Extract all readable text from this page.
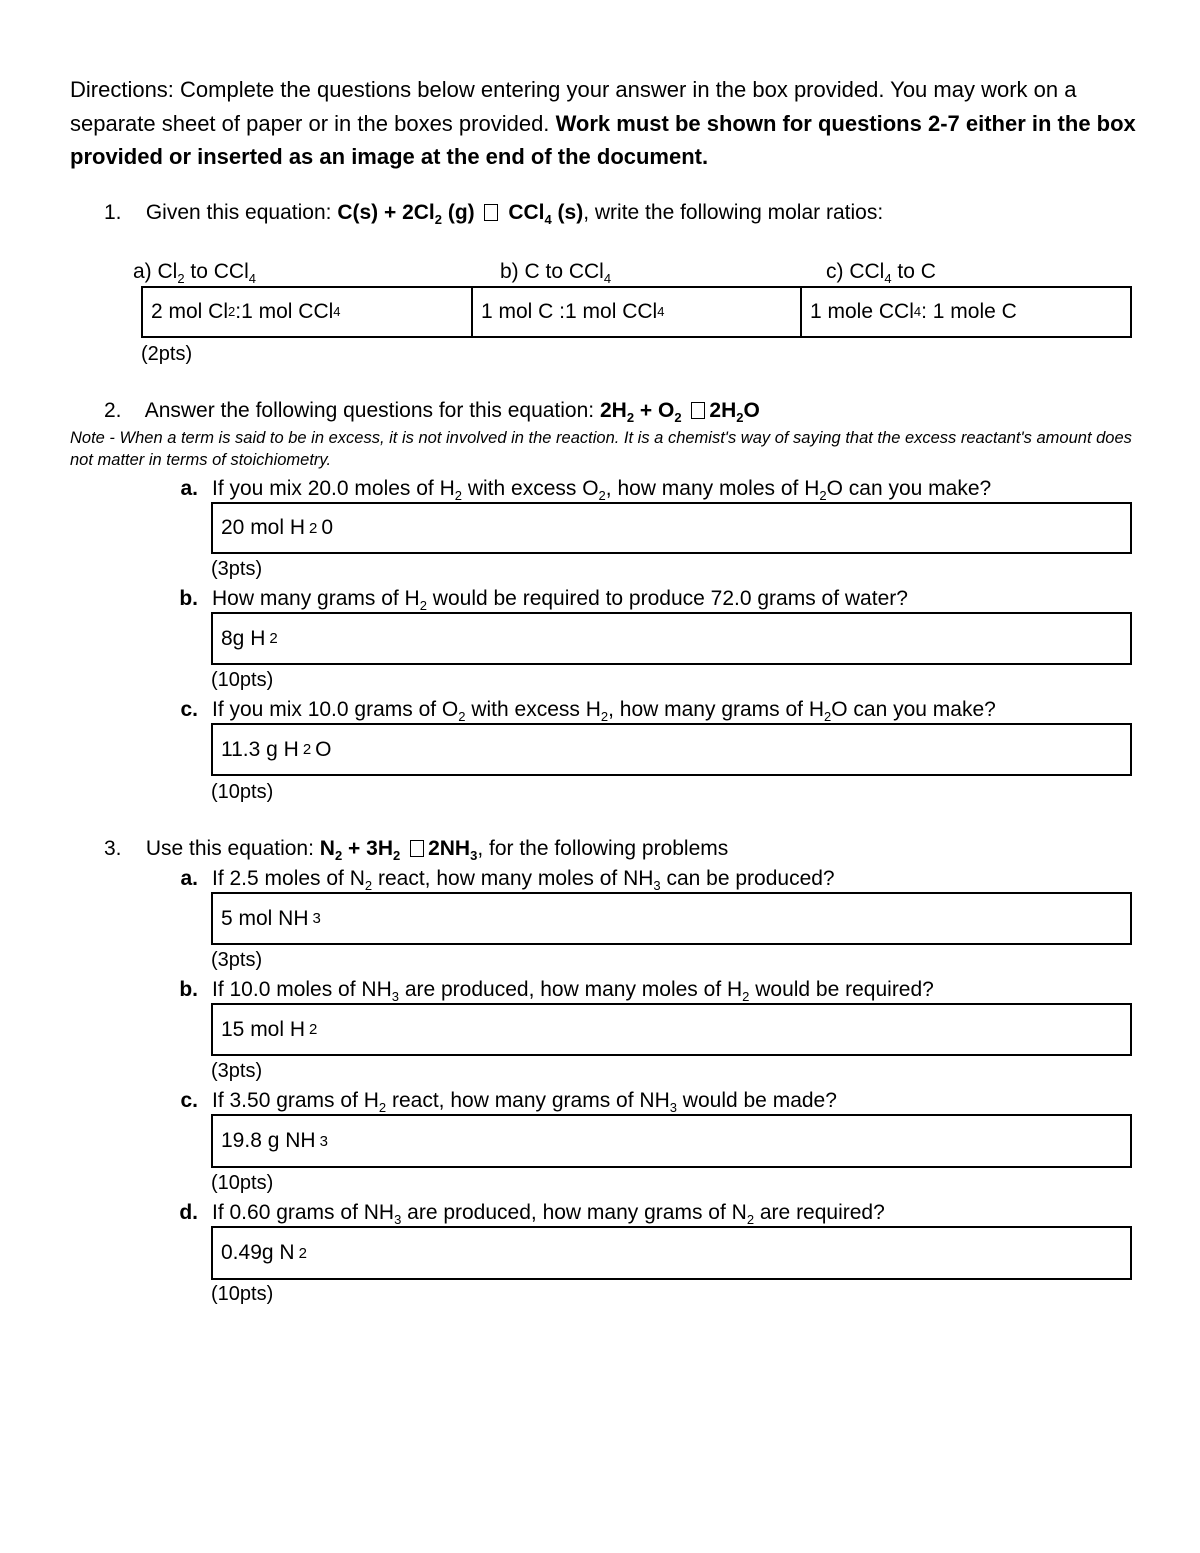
Directions: Complete the questions below entering your answer in the box provided. You may work on a separate sheet of paper or in the boxes provided. Work must be shown for questions 2-7 either in the box provided or inserted as an image at the end of the document.
1. Given this equation: $C(s) + 2Cl_2$ (g)  CCl$_4$ (s), write the following molar ratios:
a) $Cl_2$ to CCl$_4$	b) C to CCl$_4$	c) CCl$_4$ to C
2 mol Cl 2 :1 mol CCl 4	1 mol C :1 mol CCl 4	1 mole CCl 4 : 1 mole C
(2pts)
2. Answer the following questions for this equation: $2H_2 + O_2$ $2H_2O$
Note - When a term is said to be in excess, it is not involved in the reaction. It is a chemist's way of saying that the excess reactant's amount does not matter in terms of stoichiometry.
a. If you mix 20.0 moles of $H_2$ with excess $O_2$, how many moles of $H_2O$ can you make?
20 mol H 2 0
(3pts)
b. How many grams of $H_2$ would be required to produce 72.0 grams of water?
8g H 2
(10pts)
c. If you mix 10.0 grams of $O_2$ with excess $H_2$, how many grams of $H_2O$ can you make?
11.3 g H 2 O
(10pts)
3. Use this equation: $N_2 + 3H_2$ $2NH_3$, for the following problems
a. If 2.5 moles of $N_2$ react, how many moles of $NH_3$ can be produced?
5 mol NH 3
(3pts)
b. If 10.0 moles of $NH_3$ are produced, how many moles of $H_2$ would be required?
15 mol H 2
(3pts)
c. If 3.50 grams of $H_2$ react, how many grams of $NH_3$ would be made?
19.8 g NH 3
(10pts)
d. If 0.60 grams of $NH_3$ are produced, how many grams of $N_2$ are required?
0.49g N 2
(10pts)
